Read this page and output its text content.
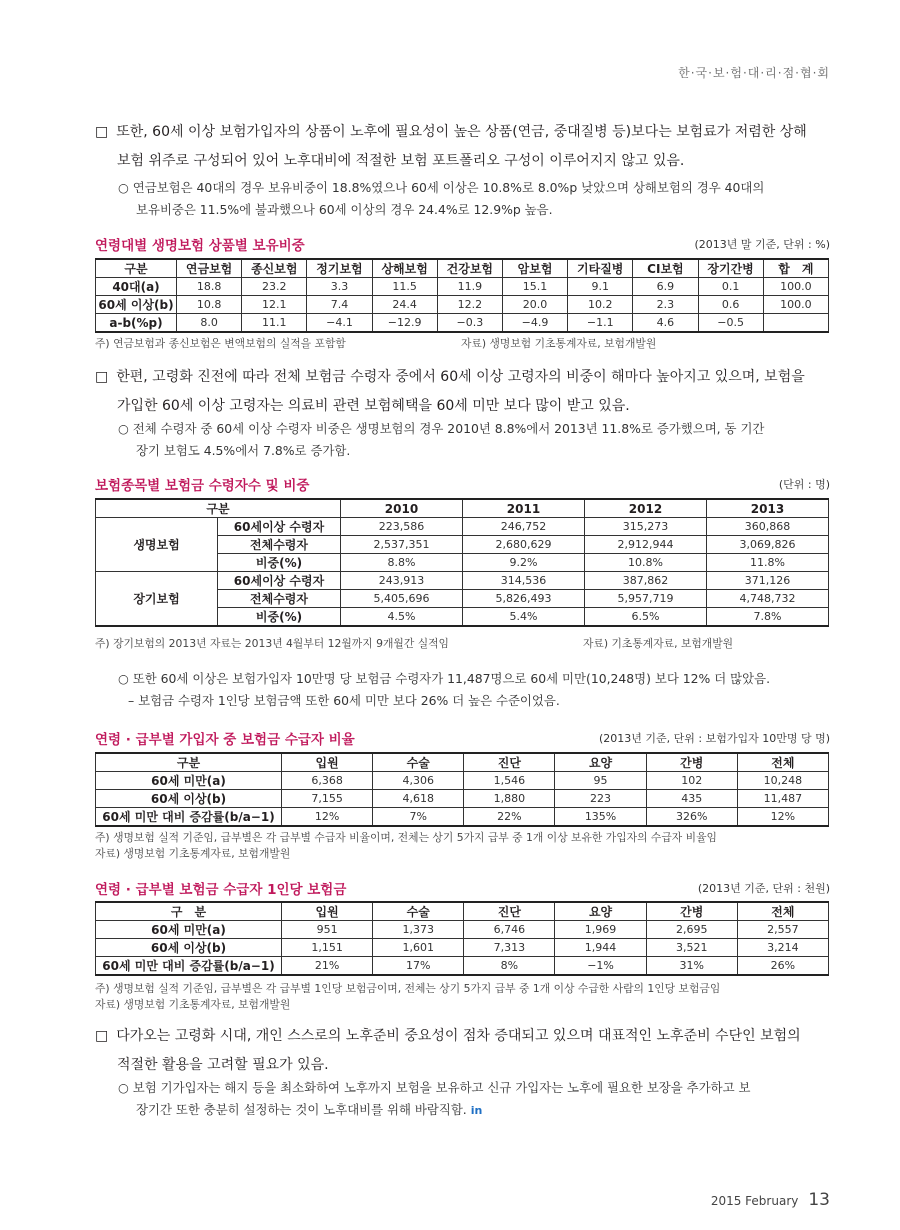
한·국·보·험·대·리·점·협·회
□ 또한, 60세 이상 보험가입자의 상품이 노후에 필요성이 높은 상품(연금, 중대질병 등)보다는 보험료가 저렴한 상해
보험 위주로 구성되어 있어 노후대비에 적절한 보험 포트폴리오 구성이 이루어지지 않고 있음.
○ 연금보험은 40대의 경우 보유비중이 18.8%였으나 60세 이상은 10.8%로 8.0%p 낮았으며 상해보험의 경우 40대의
보유비중은 11.5%에 불과했으나 60세 이상의 경우 24.4%로 12.9%p 높음.
연령대별 생명보험 상품별 보유비중	(2013년 말 기준, 단위 : %)
구분	연금보험	종신보험	정기보험	상해보험	건강보험	암보험	기타질병	CI보험	장기간병	합　계
40대(a)	18.8	23.2	3.3	11.5	11.9	15.1	9.1	6.9	0.1	100.0
60세 이상(b)	10.8	12.1	7.4	24.4	12.2	20.0	10.2	2.3	0.6	100.0
a-b(%p)	8.0	11.1	−4.1	−12.9	−0.3	−4.9	−1.1	4.6	−0.5	
주) 연금보험과 종신보험은 변액보험의 실적을 포함함	자료) 생명보험 기초통계자료, 보험개발원
□ 한편, 고령화 진전에 따라 전체 보험금 수령자 중에서 60세 이상 고령자의 비중이 해마다 높아지고 있으며, 보험을
가입한 60세 이상 고령자는 의료비 관련 보험혜택을 60세 미만 보다 많이 받고 있음.
○ 전체 수령자 중 60세 이상 수령자 비중은 생명보험의 경우 2010년 8.8%에서 2013년 11.8%로 증가했으며, 동 기간
장기 보험도 4.5%에서 7.8%로 증가함.
보험종목별 보험금 수령자수 및 비중	(단위 : 명)
구분		2010	2011	2012	2013
생명보험	60세이상 수령자	223,586	246,752	315,273	360,868
	전체수령자	2,537,351	2,680,629	2,912,944	3,069,826
	비중(%)	8.8%	9.2%	10.8%	11.8%
장기보험	60세이상 수령자	243,913	314,536	387,862	371,126
	전체수령자	5,405,696	5,826,493	5,957,719	4,748,732
	비중(%)	4.5%	5.4%	6.5%	7.8%
주) 장기보험의 2013년 자료는 2013년 4월부터 12월까지 9개월간 실적임	자료) 기초통계자료, 보험개발원
○ 또한 60세 이상은 보험가입자 10만명 당 보험금 수령자가 11,487명으로 60세 미만(10,248명) 보다 12% 더 많았음.
– 보험금 수령자 1인당 보험금액 또한 60세 미만 보다 26% 더 높은 수준이었음.
연령 · 급부별 가입자 중 보험금 수급자 비율	(2013년 기준, 단위 : 보험가입자 10만명 당 명)
구분	입원	수술	진단	요양	간병	전체
60세 미만(a)	6,368	4,306	1,546	95	102	10,248
60세 이상(b)	7,155	4,618	1,880	223	435	11,487
60세 미만 대비 증감률(b/a−1)	12%	7%	22%	135%	326%	12%
주) 생명보험 실적 기준임, 급부별은 각 급부별 수급자 비율이며, 전체는 상기 5가지 급부 중 1개 이상 보유한 가입자의 수급자 비율임
자료) 생명보험 기초통계자료, 보험개발원
연령 · 급부별 보험금 수급자 1인당 보험금	(2013년 기준, 단위 : 천원)
구　분	입원	수술	진단	요양	간병	전체
60세 미만(a)	951	1,373	6,746	1,969	2,695	2,557
60세 이상(b)	1,151	1,601	7,313	1,944	3,521	3,214
60세 미만 대비 증감률(b/a−1)	21%	17%	8%	−1%	31%	26%
주) 생명보험 실적 기준임, 급부별은 각 급부별 1인당 보험금이며, 전체는 상기 5가지 급부 중 1개 이상 수급한 사람의 1인당 보험금임
자료) 생명보험 기초통계자료, 보험개발원
□ 다가오는 고령화 시대, 개인 스스로의 노후준비 중요성이 점차 증대되고 있으며 대표적인 노후준비 수단인 보험의
적절한 활용을 고려할 필요가 있음.
○ 보험 기가입자는 해지 등을 최소화하여 노후까지 보험을 보유하고 신규 가입자는 노후에 필요한 보장을 추가하고 보
장기간 또한 충분히 설정하는 것이 노후대비를 위해 바람직함. in
2015 February 13
